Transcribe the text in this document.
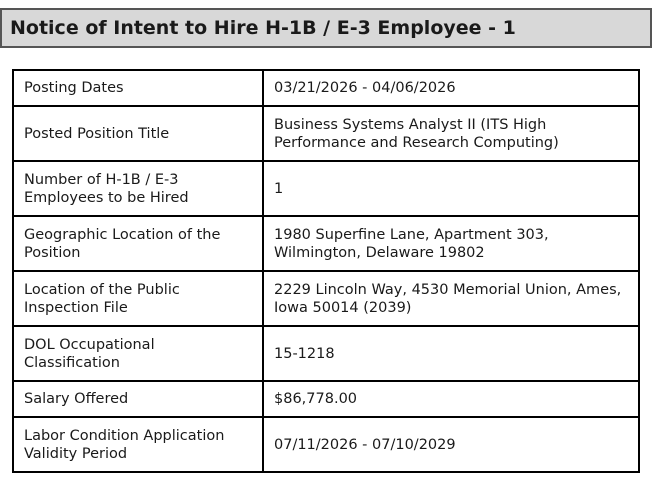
Notice of Intent to Hire H-1B / E-3 Employee - 1
Posting Dates	03/21/2026 - 04/06/2026
Posted Position Title	Business Systems Analyst II (ITS High Performance and Research Computing)
Number of H-1B / E-3 Employees to be Hired	1
Geographic Location of the Position	1980 Superfine Lane, Apartment 303, Wilmington, Delaware 19802
Location of the Public Inspection File	2229 Lincoln Way, 4530 Memorial Union, Ames, Iowa 50014 (2039)
DOL Occupational Classification	15-1218
Salary Offered	$86,778.00
Labor Condition Application Validity Period	07/11/2026 - 07/10/2029
